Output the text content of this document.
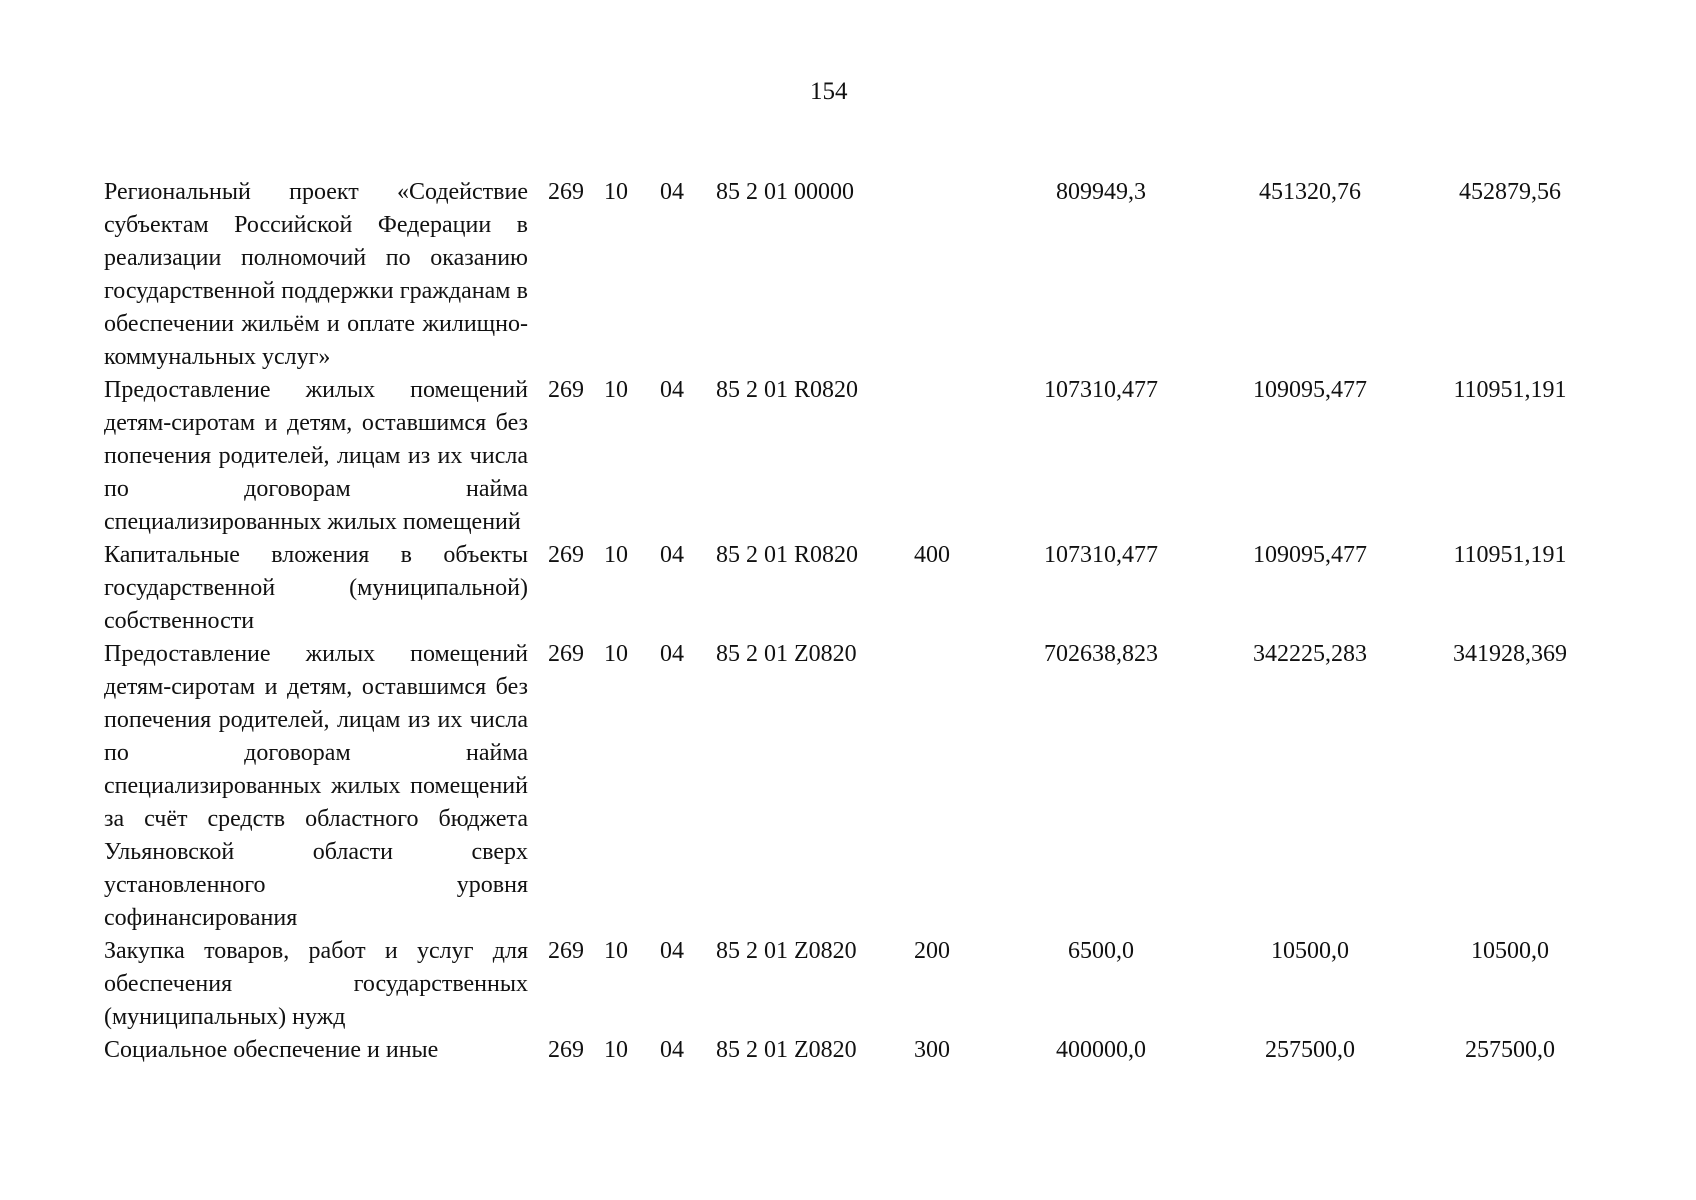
154
Региональный проект «Содействие субъектам Российской Федерации в реализации полномочий по оказанию государственной поддержки гражданам в обеспечении жильём и оплате жилищно-коммунальных услуг»	269	10	04	85 2 01 00000		809949,3	451320,76	452879,56
Предоставление жилых помещений детям-сиротам и детям, оставшимся без попечения родителей, лицам из их числа по договорам найма специализированных жилых помещений	269	10	04	85 2 01 R0820		107310,477	109095,477	110951,191
Капитальные вложения в объекты государственной (муниципальной) собственности	269	10	04	85 2 01 R0820	400	107310,477	109095,477	110951,191
Предоставление жилых помещений детям-сиротам и детям, оставшимся без попечения родителей, лицам из их числа по договорам найма специализированных жилых помещений за счёт средств областного бюджета Ульяновской области сверх установленного уровня софинансирования	269	10	04	85 2 01 Z0820		702638,823	342225,283	341928,369
Закупка товаров, работ и услуг для обеспечения государственных (муниципальных) нужд	269	10	04	85 2 01 Z0820	200	6500,0	10500,0	10500,0
Социальное обеспечение и иные	269	10	04	85 2 01 Z0820	300	400000,0	257500,0	257500,0
